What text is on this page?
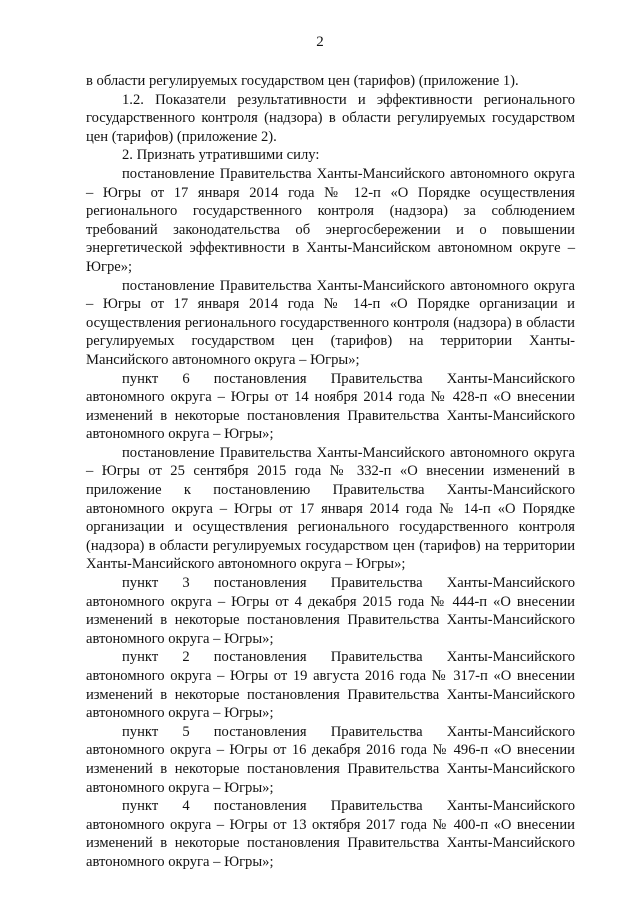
2

в области регулируемых государством цен (тарифов) (приложение 1).

1.2. Показатели результативности и эффективности регионального государственного контроля (надзора) в области регулируемых государством цен (тарифов) (приложение 2).

2. Признать утратившими силу:

постановление Правительства Ханты-Мансийского автономного округа – Югры от 17 января 2014 года № 12-п «О Порядке осуществления регионального государственного контроля (надзора) за соблюдением требований законодательства об энергосбережении и о повышении энергетической эффективности в Ханты-Мансийском автономном округе – Югре»;

постановление Правительства Ханты-Мансийского автономного округа – Югры от 17 января 2014 года № 14-п «О Порядке организации и осуществления регионального государственного контроля (надзора) в области регулируемых государством цен (тарифов) на территории Ханты-Мансийского автономного округа – Югры»;

пункт 6 постановления Правительства Ханты-Мансийского автономного округа – Югры от 14 ноября 2014 года № 428-п «О внесении изменений в некоторые постановления Правительства Ханты-Мансийского автономного округа – Югры»;

постановление Правительства Ханты-Мансийского автономного округа – Югры от 25 сентября 2015 года № 332-п «О внесении изменений в приложение к постановлению Правительства Ханты-Мансийского автономного округа – Югры от 17 января 2014 года № 14-п «О Порядке организации и осуществления регионального государственного контроля (надзора) в области регулируемых государством цен (тарифов) на территории Ханты-Мансийского автономного округа – Югры»;

пункт 3 постановления Правительства Ханты-Мансийского автономного округа – Югры от 4 декабря 2015 года № 444-п «О внесении изменений в некоторые постановления Правительства Ханты-Мансийского автономного округа – Югры»;

пункт 2 постановления Правительства Ханты-Мансийского автономного округа – Югры от 19 августа 2016 года № 317-п «О внесении изменений в некоторые постановления Правительства Ханты-Мансийского автономного округа – Югры»;

пункт 5 постановления Правительства Ханты-Мансийского автономного округа – Югры от 16 декабря 2016 года № 496-п «О внесении изменений в некоторые постановления Правительства Ханты-Мансийского автономного округа – Югры»;

пункт 4 постановления Правительства Ханты-Мансийского автономного округа – Югры от 13 октября 2017 года № 400-п «О внесении изменений в некоторые постановления Правительства Ханты-Мансийского автономного округа – Югры»;
